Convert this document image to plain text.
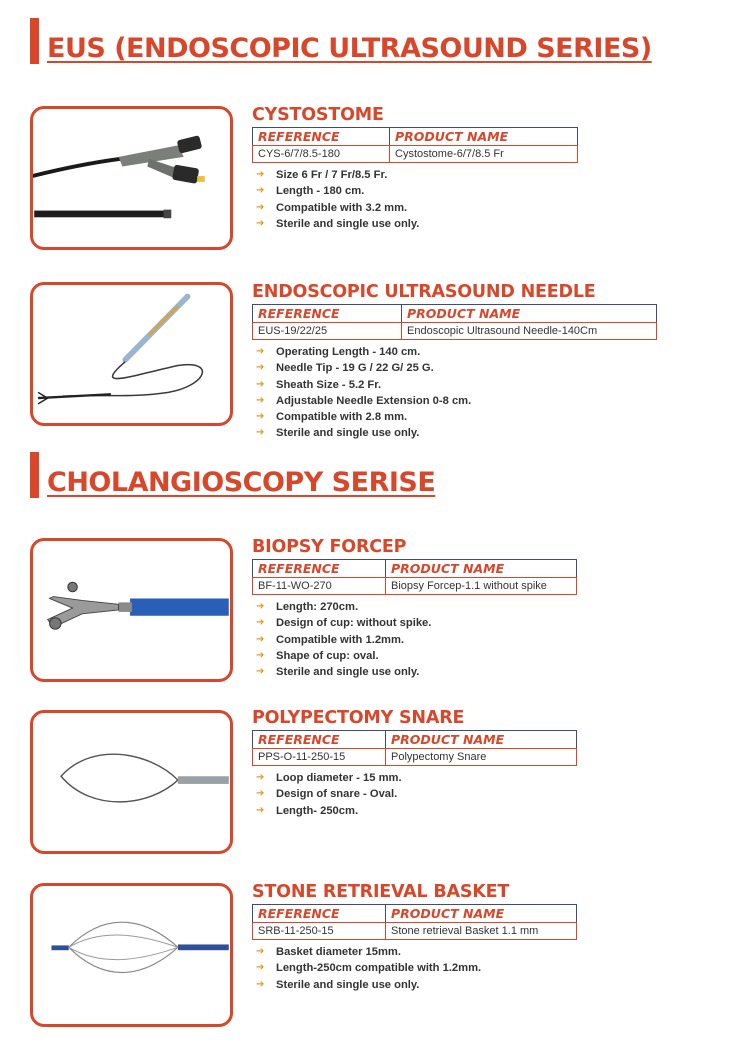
EUS (ENDOSCOPIC ULTRASOUND SERIES)
CYSTOSTOME
REFERENCE	PRODUCT NAME
CYS-6/7/8.5-180	Cystostome-6/7/8.5 Fr
➔ Size 6 Fr / 7 Fr/8.5 Fr.
➔ Length - 180 cm.
➔ Compatible with 3.2 mm.
➔ Sterile and single use only.
ENDOSCOPIC ULTRASOUND NEEDLE
REFERENCE	PRODUCT NAME
EUS-19/22/25	Endoscopic Ultrasound Needle-140Cm
➔ Operating Length - 140 cm.
➔ Needle Tip - 19 G / 22 G/ 25 G.
➔ Sheath Size - 5.2 Fr.
➔ Adjustable Needle Extension 0-8 cm.
➔ Compatible with 2.8 mm.
➔ Sterile and single use only.
CHOLANGIOSCOPY SERISE
BIOPSY FORCEP
REFERENCE	PRODUCT NAME
BF-11-WO-270	Biopsy Forcep-1.1 without spike
➔ Length: 270cm.
➔ Design of cup: without spike.
➔ Compatible with 1.2mm.
➔ Shape of cup: oval.
➔ Sterile and single use only.
POLYPECTOMY SNARE
REFERENCE	PRODUCT NAME
PPS-O-11-250-15	Polypectomy Snare
➔ Loop diameter - 15 mm.
➔ Design of snare - Oval.
➔ Length- 250cm.
STONE RETRIEVAL BASKET
REFERENCE	PRODUCT NAME
SRB-11-250-15	Stone retrieval Basket 1.1 mm
➔ Basket diameter 15mm.
➔ Length-250cm compatible with 1.2mm.
➔ Sterile and single use only.
